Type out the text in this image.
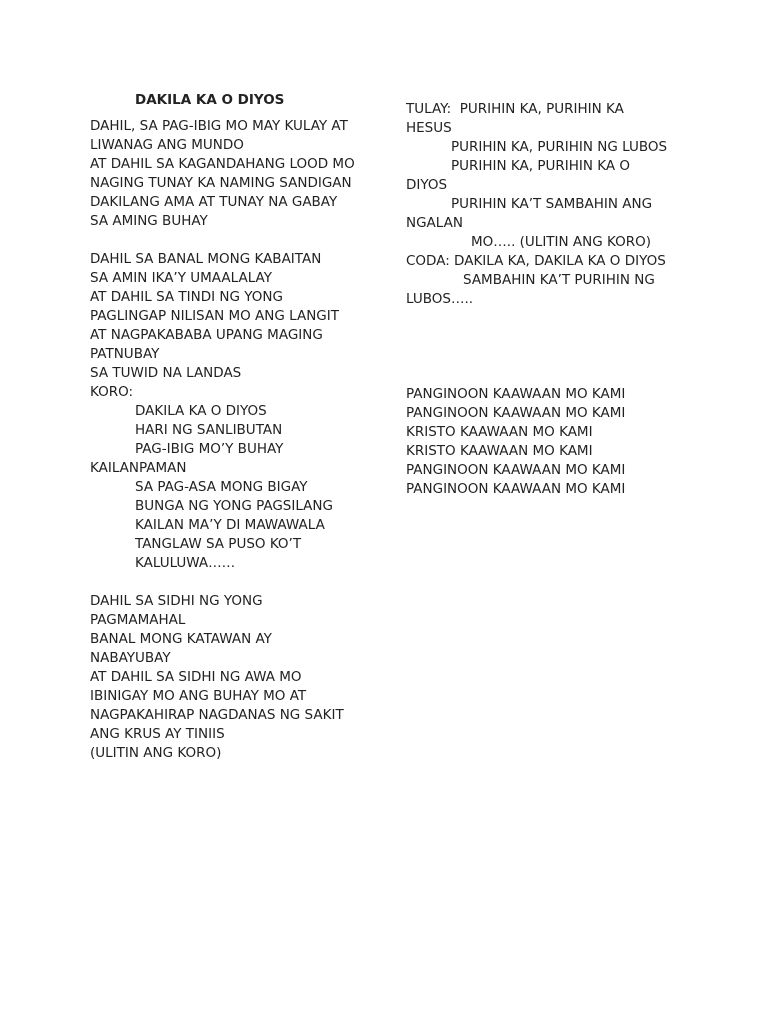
DAKILA KA O DIYOS
DAHIL, SA PAG-IBIG MO MAY KULAY AT
LIWANAG ANG MUNDO
AT DAHIL SA KAGANDAHANG LOOD MO
NAGING TUNAY KA NAMING SANDIGAN
DAKILANG AMA AT TUNAY NA GABAY
SA AMING BUHAY
DAHIL SA BANAL MONG KABAITAN
SA AMIN IKA’Y UMAALALAY
AT DAHIL SA TINDI NG YONG
PAGLINGAP NILISAN MO ANG LANGIT
AT NAGPAKABABA UPANG MAGING
PATNUBAY
SA TUWID NA LANDAS
KORO:
DAKILA KA O DIYOS
HARI NG SANLIBUTAN
PAG-IBIG MO’Y BUHAY
KAILANPAMAN
SA PAG-ASA MONG BIGAY
BUNGA NG YONG PAGSILANG
KAILAN MA’Y DI MAWAWALA
TANGLAW SA PUSO KO’T
KALULUWA……
DAHIL SA SIDHI NG YONG
PAGMAMAHAL
BANAL MONG KATAWAN AY
NABAYUBAY
AT DAHIL SA SIDHI NG AWA MO
IBINIGAY MO ANG BUHAY MO AT
NAGPAKAHIRAP NAGDANAS NG SAKIT
ANG KRUS AY TINIIS
(ULITIN ANG KORO)
TULAY:  PURIHIN KA, PURIHIN KA
HESUS
PURIHIN KA, PURIHIN NG LUBOS
PURIHIN KA, PURIHIN KA O
DIYOS
PURIHIN KA’T SAMBAHIN ANG
NGALAN
MO….. (ULITIN ANG KORO)
CODA: DAKILA KA, DAKILA KA O DIYOS
SAMBAHIN KA’T PURIHIN NG
LUBOS…..
PANGINOON KAAWAAN MO KAMI
PANGINOON KAAWAAN MO KAMI
KRISTO KAAWAAN MO KAMI
KRISTO KAAWAAN MO KAMI
PANGINOON KAAWAAN MO KAMI
PANGINOON KAAWAAN MO KAMI
